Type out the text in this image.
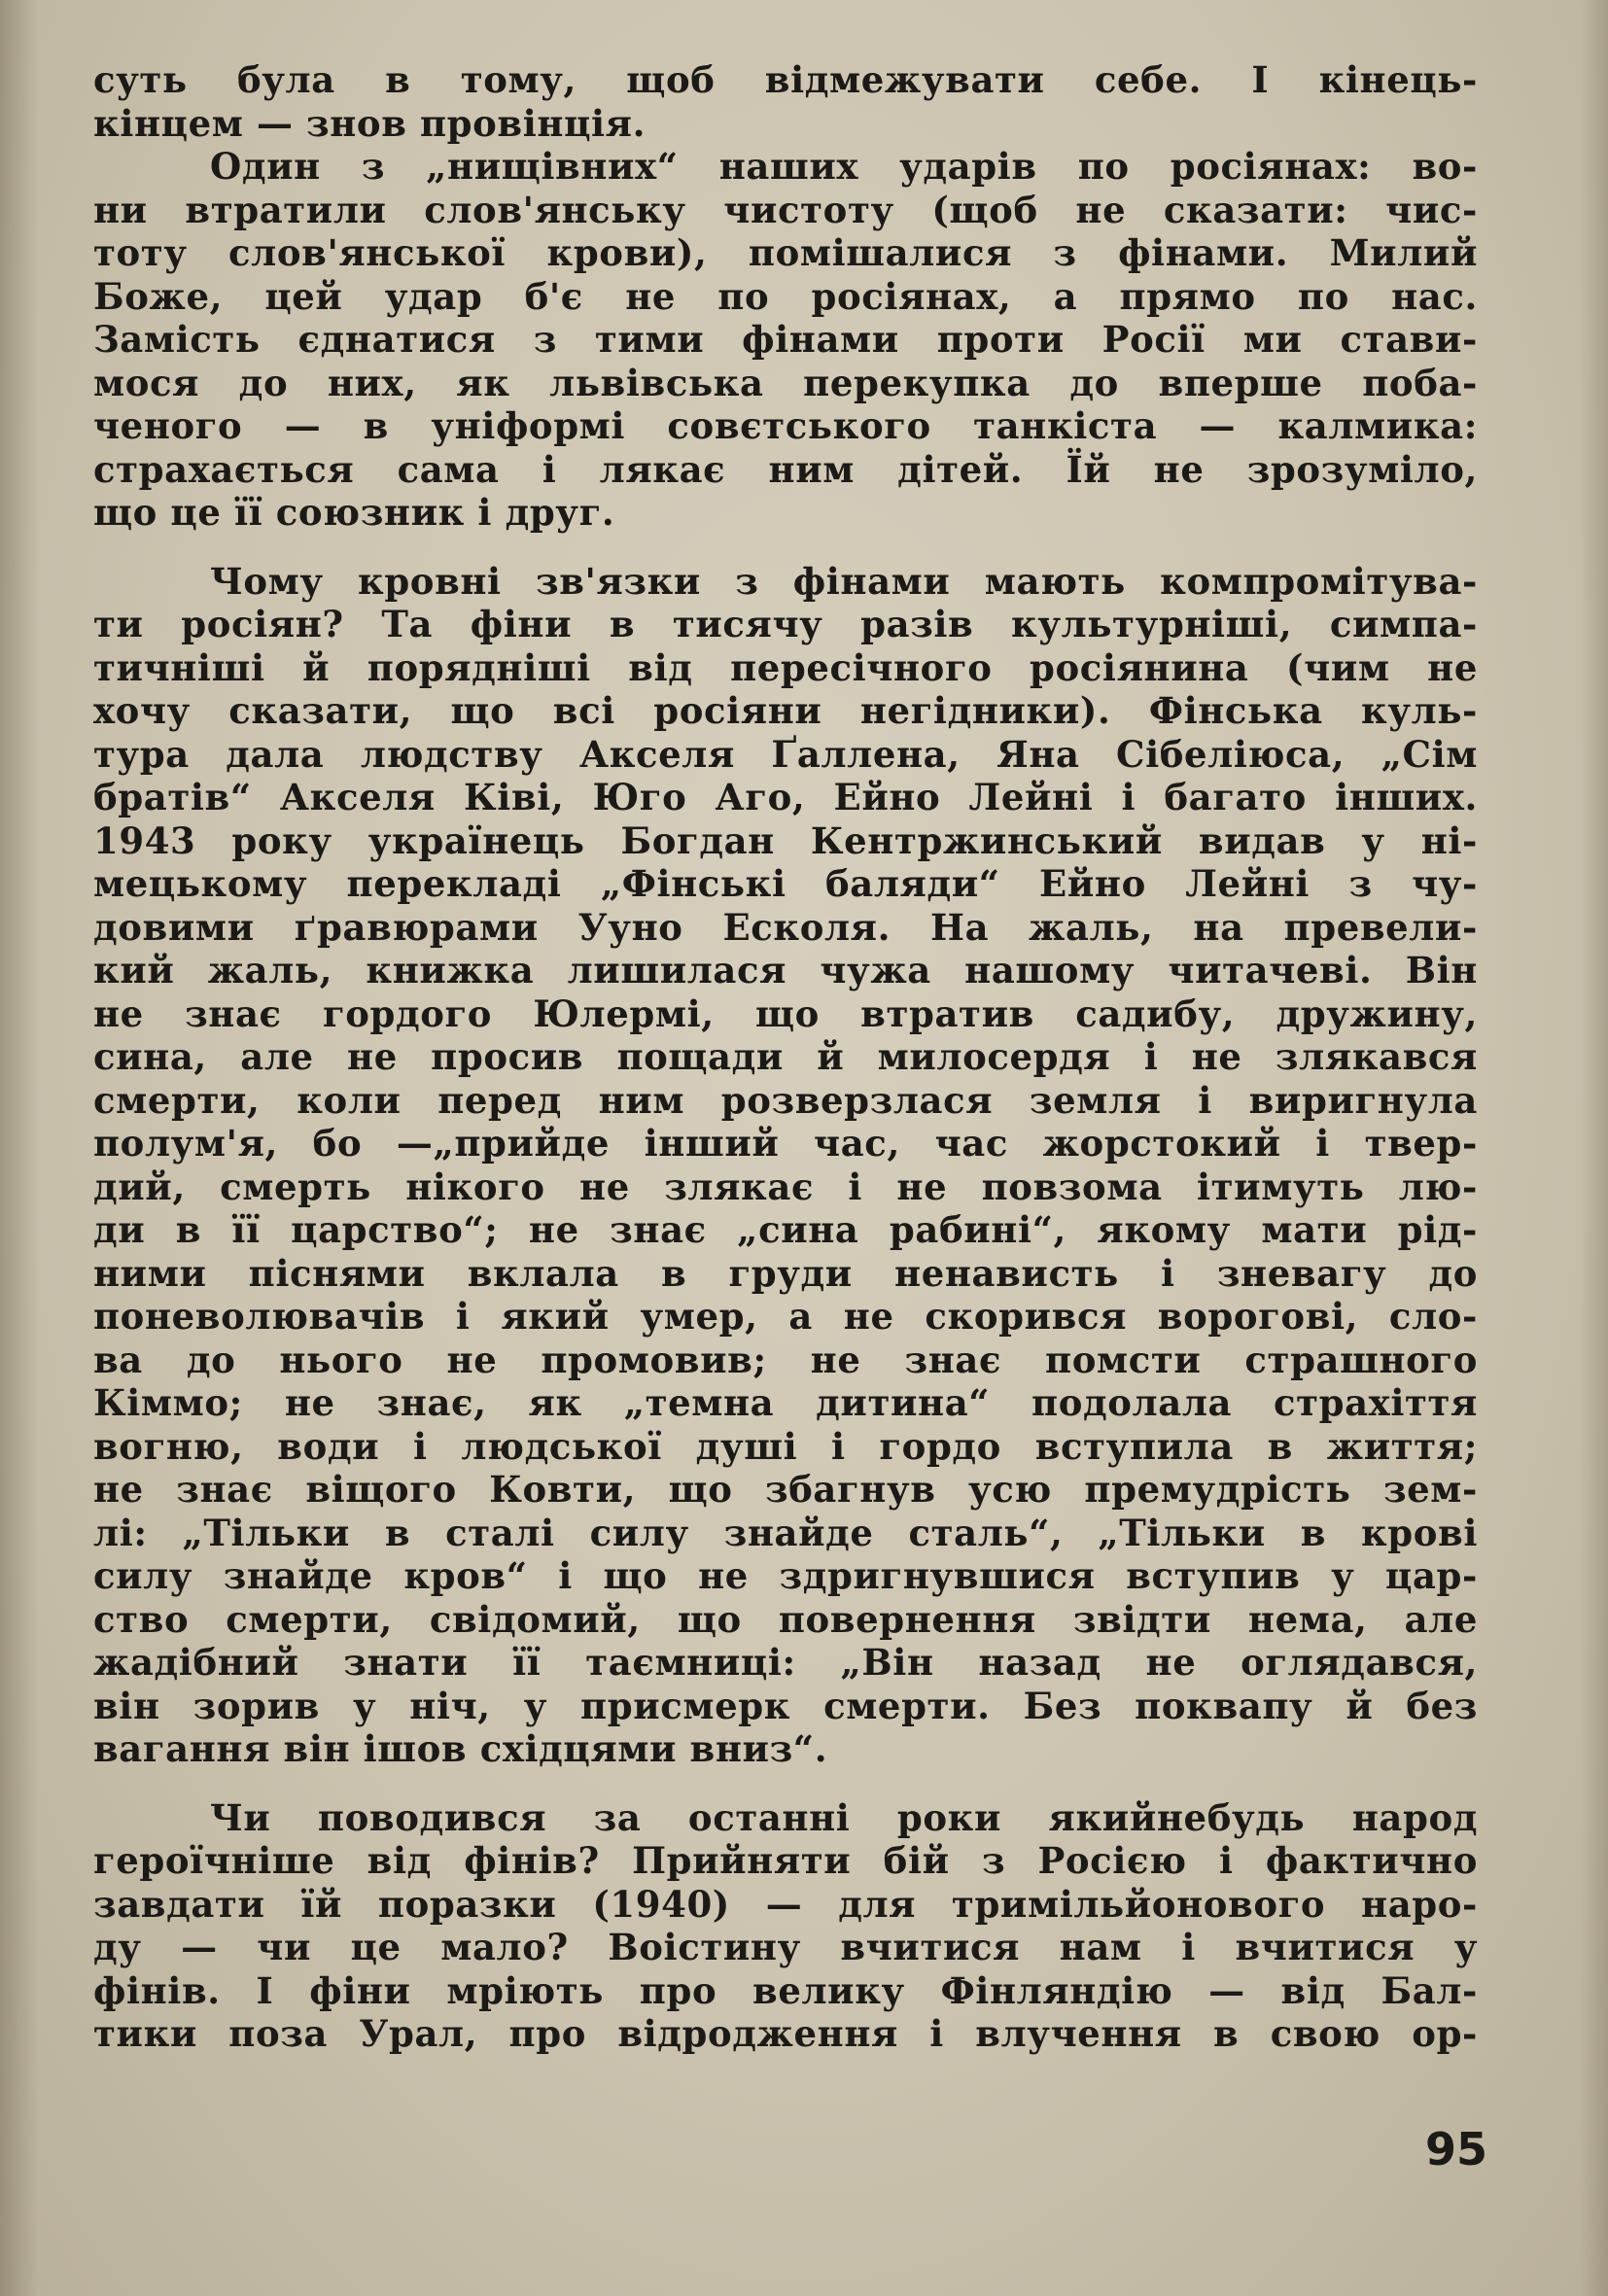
суть була в тому, щоб відмежувати себе. І кінець-
кінцем — знов провінція.
Один з „нищівних“ наших ударів по росіянах: во-
ни втратили слов'янську чистоту (щоб не сказати: чис-
тоту слов'янської крови), помішалися з фінами. Милий
Боже, цей удар б'є не по росіянах, а прямо по нас.
Замість єднатися з тими фінами проти Росії ми стави-
мося до них, як львівська перекупка до вперше поба-
ченого — в уніформі совєтського танкіста — калмика:
страхається сама і лякає ним дітей. Їй не зрозуміло,
що це її союзник і друг.
Чому кровні зв'язки з фінами мають компромітува-
ти росіян? Та фіни в тисячу разів культурніші, симпа-
тичніші й порядніші від пересічного росіянина (чим не
хочу сказати, що всі росіяни негідники). Фінська куль-
тура дала людству Акселя Ґаллена, Яна Сібеліюса, „Сім
братів“ Акселя Ківі, Юго Аго, Ейно Лейні і багато інших.
1943 року українець Богдан Кентржинський видав у ні-
мецькому перекладі „Фінські баляди“ Ейно Лейні з чу-
довими ґравюрами Ууно Есколя. На жаль, на превели-
кий жаль, книжка лишилася чужа нашому читачеві. Він
не знає гордого Юлермі, що втратив садибу, дружину,
сина, але не просив пощади й милосердя і не злякався
смерти, коли перед ним розверзлася земля і виригнула
полум'я, бо —„прийде інший час, час жорстокий і твер-
дий, смерть нікого не злякає і не повзома ітимуть лю-
ди в її царство“; не знає „сина рабині“, якому мати рід-
ними піснями вклала в груди ненависть і зневагу до
поневолювачів і який умер, а не скорився ворогові, сло-
ва до нього не промовив; не знає помсти страшного
Кіммо; не знає, як „темна дитина“ подолала страхіття
вогню, води і людської душі і гордо вступила в життя;
не знає віщого Ковти, що збагнув усю премудрість зем-
лі: „Тільки в сталі силу знайде сталь“, „Тільки в крові
силу знайде кров“ і що не здригнувшися вступив у цар-
ство смерти, свідомий, що повернення звідти нема, але
жадібний знати її таємниці: „Він назад не оглядався,
він зорив у ніч, у присмерк смерти. Без поквапу й без
вагання він ішов східцями вниз“.
Чи поводився за останні роки якийнебудь народ
героїчніше від фінів? Прийняти бій з Росією і фактично
завдати їй поразки (1940) — для тримільйонового наро-
ду — чи це мало? Воістину вчитися нам і вчитися у
фінів. І фіни мріють про велику Фінляндію — від Бал-
тики поза Урал, про відродження і влучення в свою ор-
95
